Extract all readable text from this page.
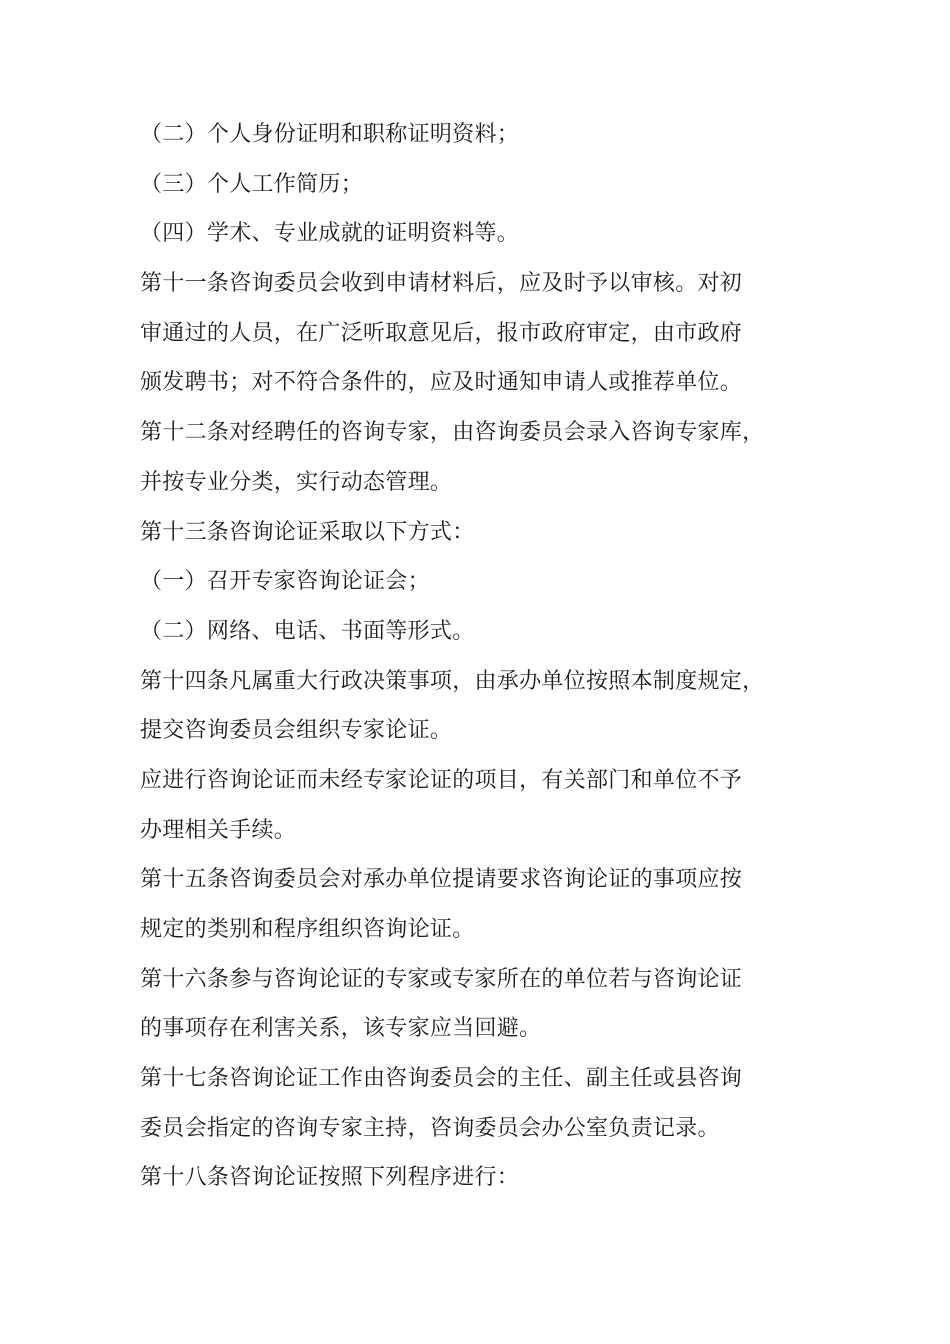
（二）个人身份证明和职称证明资料；
（三）个人工作简历；
（四）学术、专业成就的证明资料等。
第十一条咨询委员会收到申请材料后，应及时予以审核。对初
审通过的人员，在广泛听取意见后，报市政府审定，由市政府
颁发聘书；对不符合条件的，应及时通知申请人或推荐单位。
第十二条对经聘任的咨询专家，由咨询委员会录入咨询专家库，
并按专业分类，实行动态管理。
第十三条咨询论证采取以下方式：
（一）召开专家咨询论证会；
（二）网络、电话、书面等形式。
第十四条凡属重大行政决策事项，由承办单位按照本制度规定，
提交咨询委员会组织专家论证。
应进行咨询论证而未经专家论证的项目，有关部门和单位不予
办理相关手续。
第十五条咨询委员会对承办单位提请要求咨询论证的事项应按
规定的类别和程序组织咨询论证。
第十六条参与咨询论证的专家或专家所在的单位若与咨询论证
的事项存在利害关系，该专家应当回避。
第十七条咨询论证工作由咨询委员会的主任、副主任或县咨询
委员会指定的咨询专家主持，咨询委员会办公室负责记录。
第十八条咨询论证按照下列程序进行：
